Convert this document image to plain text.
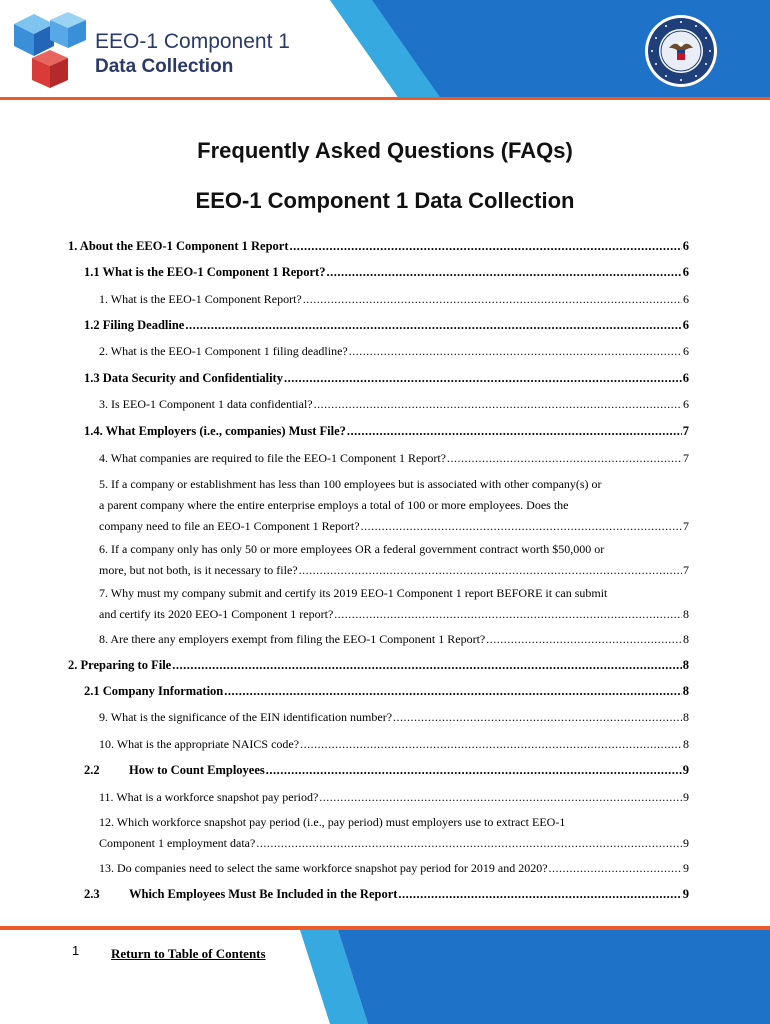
EEO-1 Component 1
Data Collection
Frequently Asked Questions (FAQs)
EEO-1 Component 1 Data Collection
1. About the EEO-1 Component 1 Report .....	6
1.1 What is the EEO-1 Component 1 Report? .....	6
1. What is the EEO-1 Component Report? .....	6
1.2 Filing Deadline .....	6
2. What is the EEO-1 Component 1 filing deadline? .....	6
1.3 Data Security and Confidentiality .....	6
3. Is EEO-1 Component 1 data confidential? .....	6
1.4. What Employers (i.e., companies) Must File? .....	7
4. What companies are required to file the EEO-1 Component 1 Report? .....	7
5. If a company or establishment has less than 100 employees but is associated with other company(s) or
a parent company where the entire enterprise employs a total of 100 or more employees. Does the
company need to file an EEO-1 Component 1 Report? .....	7
6. If a company only has only 50 or more employees OR a federal government contract worth $50,000 or
more, but not both, is it necessary to file? .....	7
7. Why must my company submit and certify its 2019 EEO-1 Component 1 report BEFORE it can submit
and certify its 2020 EEO-1 Component 1 report? .....	8
8. Are there any employers exempt from filing the EEO-1 Component 1 Report? .....	8
2. Preparing to File .....	8
2.1 Company Information .....	8
9. What is the significance of the EIN identification number? .....	8
10. What is the appropriate NAICS code? .....	8
2.2 How to Count Employees .....	9
11. What is a workforce snapshot pay period? .....	9
12. Which workforce snapshot pay period (i.e., pay period) must employers use to extract EEO-1
Component 1 employment data? .....	9
13. Do companies need to select the same workforce snapshot pay period for 2019 and 2020? .....	9
2.3 Which Employees Must Be Included in the Report .....	9
1 Return to Table of Contents
